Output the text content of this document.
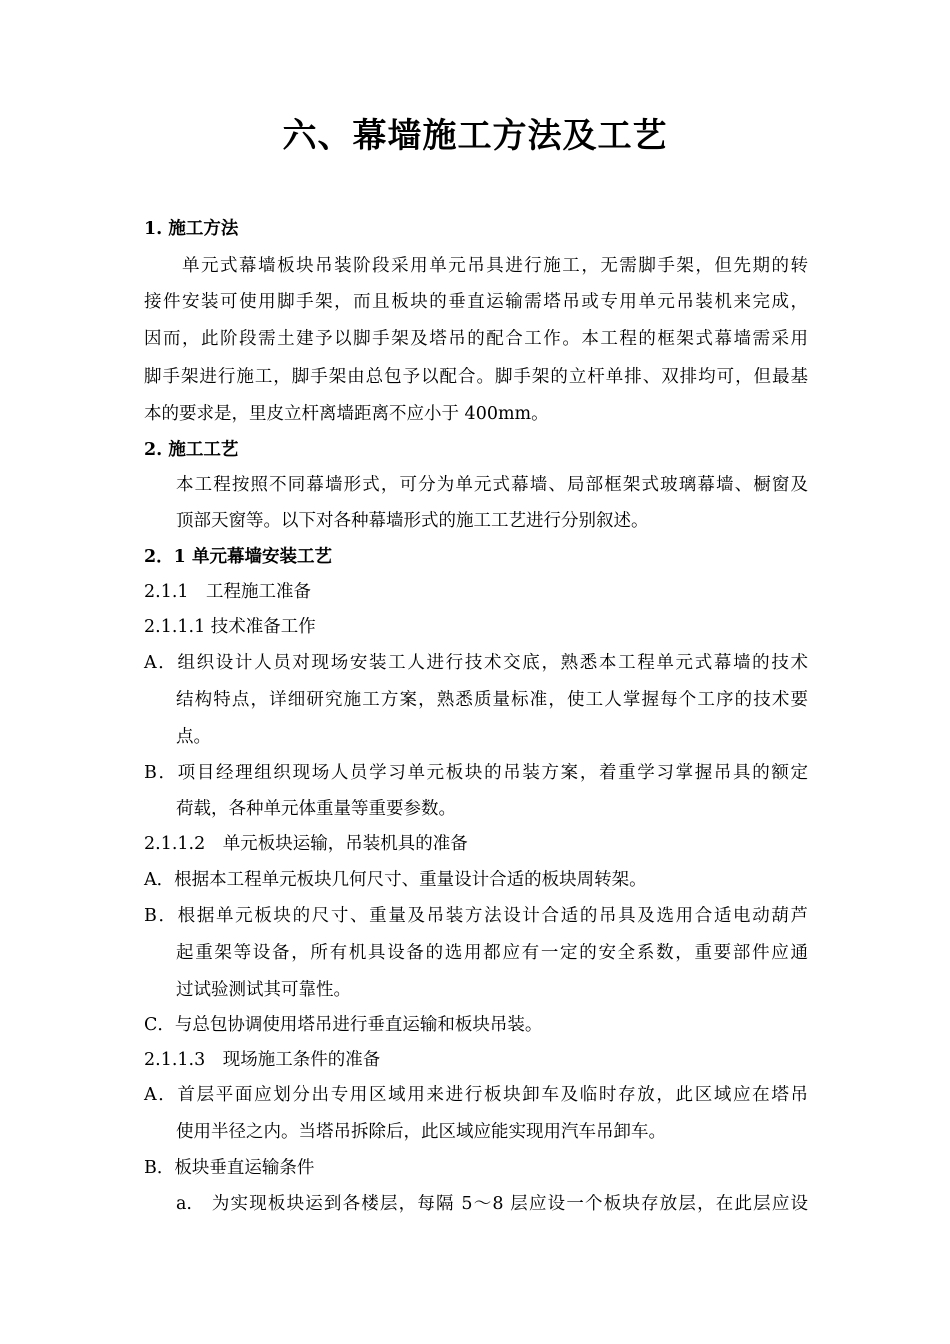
六、幕墙施工方法及工艺
1. 施工方法
单元式幕墙板块吊装阶段采用单元吊具进行施工，无需脚手架，但先期的转
接件安装可使用脚手架，而且板块的垂直运输需塔吊或专用单元吊装机来完成，
因而，此阶段需土建予以脚手架及塔吊的配合工作。本工程的框架式幕墙需采用
脚手架进行施工，脚手架由总包予以配合。脚手架的立杆单排、双排均可，但最基
本的要求是，里皮立杆离墙距离不应小于 400mm。
2. 施工工艺
本工程按照不同幕墙形式，可分为单元式幕墙、局部框架式玻璃幕墙、橱窗及
顶部天窗等。以下对各种幕墙形式的施工工艺进行分别叙述。
2．1 单元幕墙安装工艺
2.1.1　工程施工准备
2.1.1.1 技术准备工作
A．组织设计人员对现场安装工人进行技术交底，熟悉本工程单元式幕墙的技术
结构特点，详细研究施工方案，熟悉质量标准，使工人掌握每个工序的技术要
点。
B．项目经理组织现场人员学习单元板块的吊装方案，着重学习掌握吊具的额定
荷载，各种单元体重量等重要参数。
2.1.1.2　单元板块运输，吊装机具的准备
A．根据本工程单元板块几何尺寸、重量设计合适的板块周转架。
B．根据单元板块的尺寸、重量及吊装方法设计合适的吊具及选用合适电动葫芦
起重架等设备，所有机具设备的选用都应有一定的安全系数，重要部件应通
过试验测试其可靠性。
C．与总包协调使用塔吊进行垂直运输和板块吊装。
2.1.1.3　现场施工条件的准备
A．首层平面应划分出专用区域用来进行板块卸车及临时存放，此区域应在塔吊
使用半径之内。当塔吊拆除后，此区域应能实现用汽车吊卸车。
B．板块垂直运输条件
a.　为实现板块运到各楼层，每隔 5～8 层应设一个板块存放层，在此层应设
